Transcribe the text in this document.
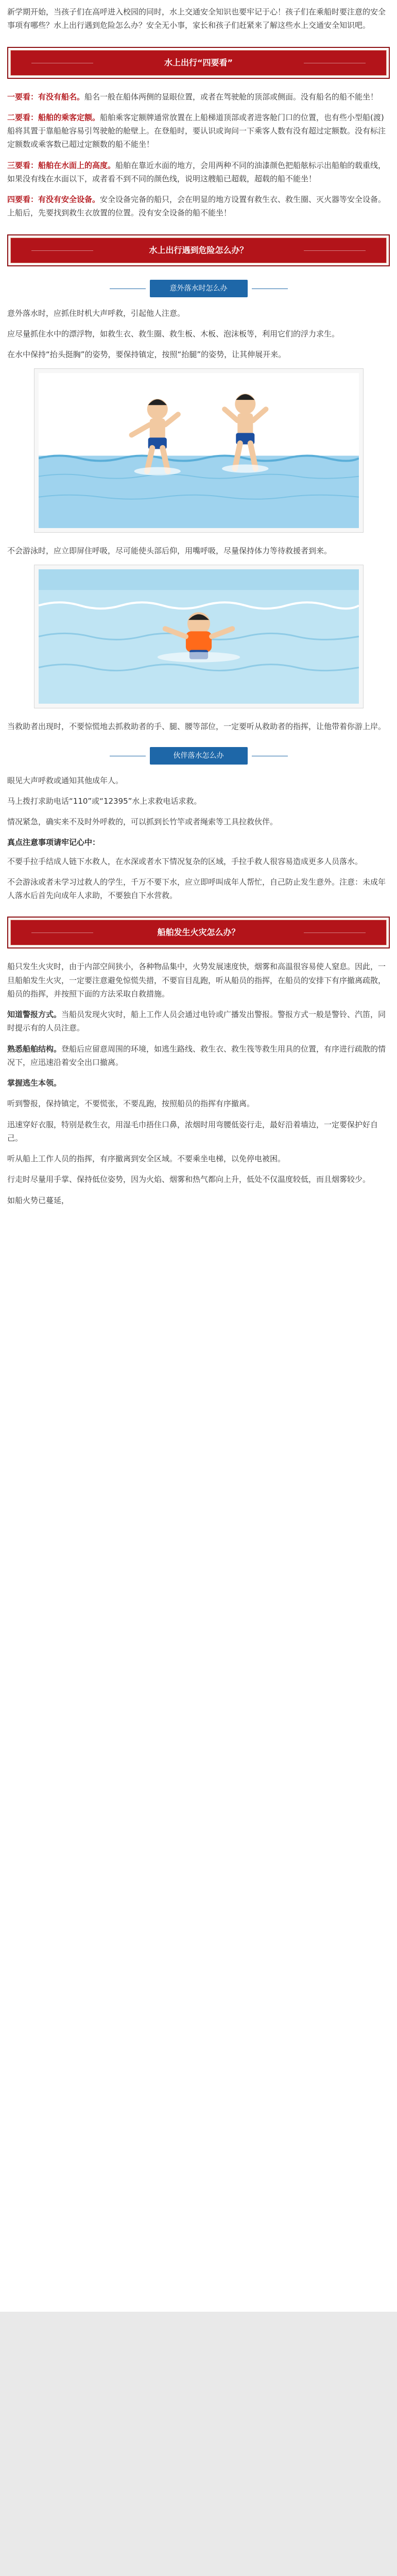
新学期开始，当孩子们在高呼进入校园的同时，水上交通安全知识也要牢记于心！孩子们在乘船时要注意的安全事项有哪些？水上出行遇到危险怎么办？安全无小事，家长和孩子们赶紧来了解这些水上交通安全知识吧。

水上出行“四要看”

一要看：有没有船名。船名一般在船体两侧的显眼位置，或者在驾驶舱的顶部或侧面。没有船名的船不能坐！

二要看：船舶的乘客定额。船舶乘客定额牌通常放置在上船梯道顶部或者进客舱门口的位置，也有些小型船(渡)船将其置于靠船舱容易引驾驶舱的舱壁上。在登船时，要认识或询问一下乘客人数有没有超过定额数。没有标注定额数或乘客数已超过定额数的船不能坐！

三要看：船舶在水面上的高度。船舶在靠近水面的地方，会用两种不同的油漆颜色把船舷标示出船舶的载重线，如果没有线在水面以下，或者看不到不同的颜色线，说明这艘船已超载，超载的船不能坐！

四要看：有没有安全设备。安全设备完备的船只，会在明显的地方设置有救生衣、救生圈、灭火器等安全设备。上船后，先要找到救生衣放置的位置。没有安全设备的船不能坐！

水上出行遇到危险怎么办？
意外落水时怎么办

意外落水时，应抓住时机大声呼救，引起他人注意。

应尽量抓住水中的漂浮物，如救生衣、救生圈、救生板、木板、泡沫板等，利用它们的浮力求生。

在水中保持“抬头挺胸”的姿势，要保持镇定，按照“抬腿”的姿势，让其伸展开来。

不会游泳时，应立即屏住呼吸，尽可能使头部后仰，用嘴呼吸，尽量保持体力等待救援者到来。

当救助者出现时，不要惊慌地去抓救助者的手、腿、腰等部位，一定要听从救助者的指挥，让他带着你游上岸。

伙伴落水怎么办

眼见大声呼救或通知其他成年人。

马上拨打求助电话“110”或“12395”水上求救电话求救。

情况紧急，确实来不及时外呼救的，可以抓到长竹竿或者绳索等工具拉救伙伴。

真点注意事项请牢记心中：

不要手拉手结成人链下水救人，在水深或者水下情况复杂的区域，手拉手救人很容易造成更多人员落水。

不会游泳或者未学习过救人的学生，千万不要下水，应立即呼叫成年人帮忙，自己防止发生意外。注意：未成年人落水后首先向成年人求助，不要独自下水营救。

船舶发生火灾怎么办？

船只发生火灾时，由于内部空间狭小，各种物品集中，火势发展速度快，烟雾和高温很容易使人窒息。因此，一旦船舶发生火灾，一定要注意避免惊慌失措，不要盲目乱跑，听从船员的指挥，在船员的安排下有序撤离疏散，船员的指挥，并按照下面的方法采取自救措施。

知道警报方式。当船员发现火灾时，船上工作人员会通过电铃或广播发出警报。警报方式一般是警铃、汽笛，同时提示有的人员注意。

熟悉船舶结构。登船后应留意周围的环境，如逃生路线、救生衣、救生筏等救生用具的位置，有序进行疏散的情况下，应迅速沿着安全出口撤离。

掌握逃生本领。

听到警报，保持镇定，不要慌张，不要乱跑，按照船员的指挥有序撤离。

迅速穿好衣服，特别是救生衣，用湿毛巾捂住口鼻，浓烟时用弯腰低姿行走，最好沿着墙边，一定要保护好自己。

听从船上工作人员的指挥，有序撤离到安全区域。不要乘坐电梯，以免停电被困。

行走时尽量用手掌、保持低位姿势，因为火焰、烟雾和热气都向上升，低处不仅温度较低，而且烟雾较少。

如船火势已蔓延，
